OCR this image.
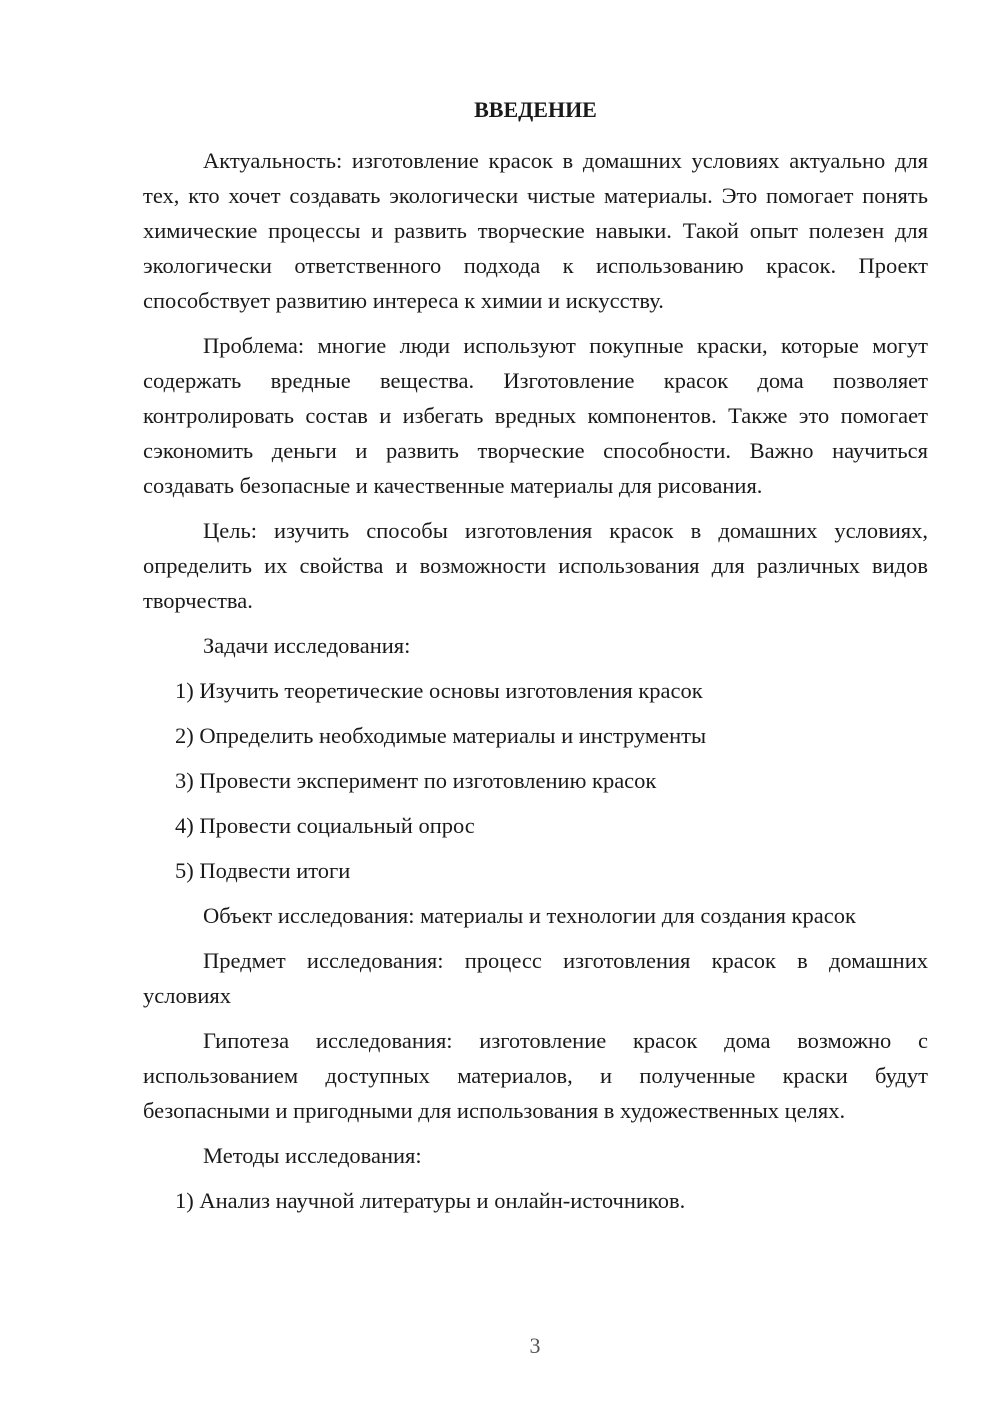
ВВЕДЕНИЕ
Актуальность: изготовление красок в домашних условиях актуально для тех, кто хочет создавать экологически чистые материалы. Это помогает понять химические процессы и развить творческие навыки. Такой опыт полезен для экологически ответственного подхода к использованию красок. Проект способствует развитию интереса к химии и искусству.
Проблема: многие люди используют покупные краски, которые могут содержать вредные вещества. Изготовление красок дома позволяет контролировать состав и избегать вредных компонентов. Также это помогает сэкономить деньги и развить творческие способности. Важно научиться создавать безопасные и качественные материалы для рисования.
Цель: изучить способы изготовления красок в домашних условиях, определить их свойства и возможности использования для различных видов творчества.
Задачи исследования:
1) Изучить теоретические основы изготовления красок
2) Определить необходимые материалы и инструменты
3) Провести эксперимент по изготовлению красок
4) Провести социальный опрос
5) Подвести итоги
Объект исследования: материалы и технологии для создания красок
Предмет исследования: процесс изготовления красок в домашних условиях
Гипотеза исследования: изготовление красок дома возможно с использованием доступных материалов, и полученные краски будут безопасными и пригодными для использования в художественных целях.
Методы исследования:
1) Анализ научной литературы и онлайн-источников.
3
